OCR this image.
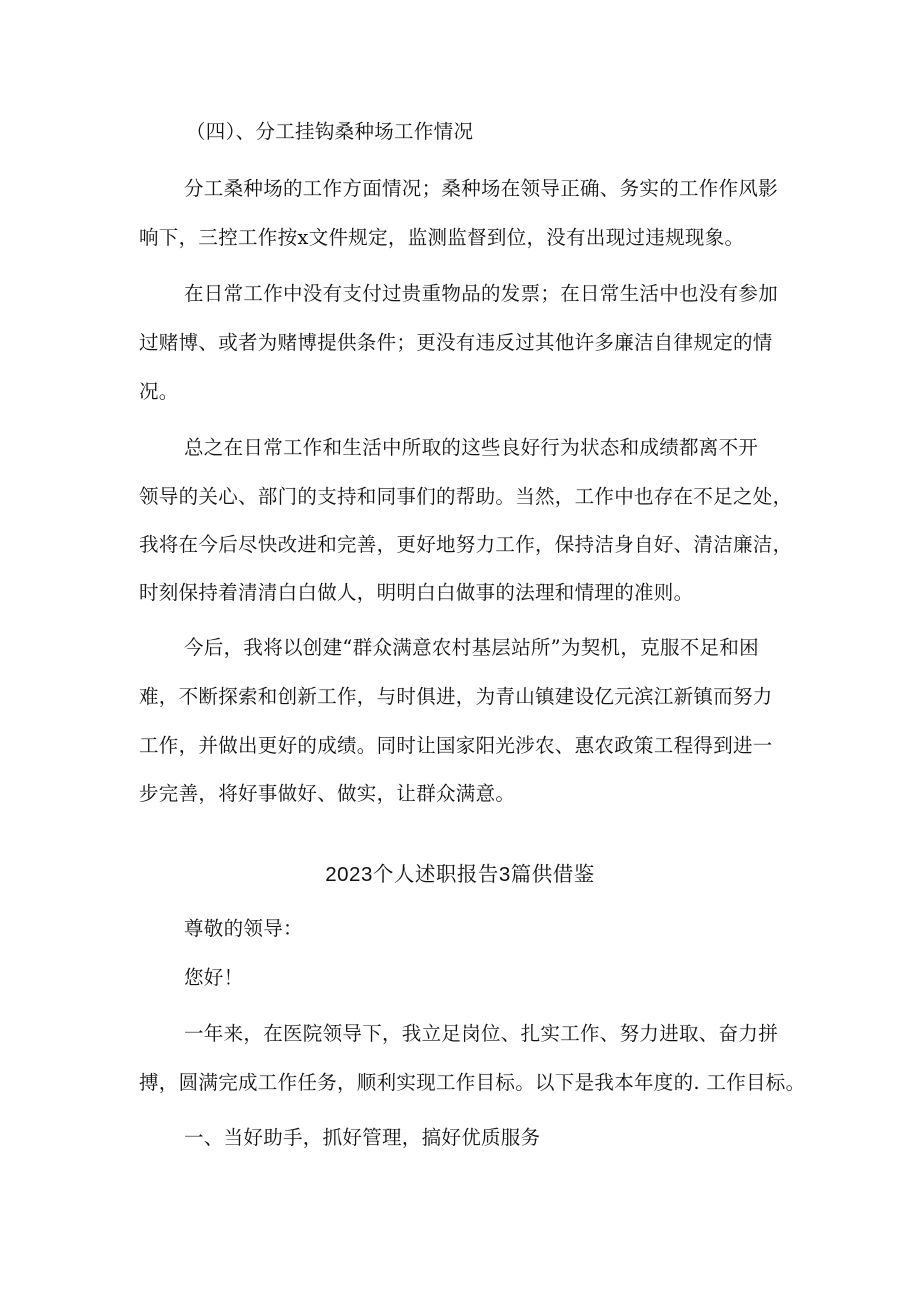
（四）、分工挂钩桑种场工作情况
分工桑种场的工作方面情况；桑种场在领导正确、务实的工作作风影
响下，三控工作按x文件规定，监测监督到位，没有出现过违规现象。
在日常工作中没有支付过贵重物品的发票；在日常生活中也没有参加
过赌博、或者为赌博提供条件；更没有违反过其他许多廉洁自律规定的情
况。
总之在日常工作和生活中所取的这些良好行为状态和成绩都离不开
领导的关心、部门的支持和同事们的帮助。当然，工作中也存在不足之处，
我将在今后尽快改进和完善，更好地努力工作，保持洁身自好、清洁廉洁，
时刻保持着清清白白做人，明明白白做事的法理和情理的准则。
今后，我将以创建“群众满意农村基层站所”为契机，克服不足和困
难，不断探索和创新工作，与时俱进，为青山镇建设亿元滨江新镇而努力
工作，并做出更好的成绩。同时让国家阳光涉农、惠农政策工程得到进一
步完善，将好事做好、做实，让群众满意。
2023个人述职报告3篇供借鉴
尊敬的领导：
您好！
一年来，在医院领导下，我立足岗位、扎实工作、努力进取、奋力拼
搏，圆满完成工作任务，顺利实现工作目标。以下是我本年度的. 工作目标。
一、当好助手，抓好管理，搞好优质服务
